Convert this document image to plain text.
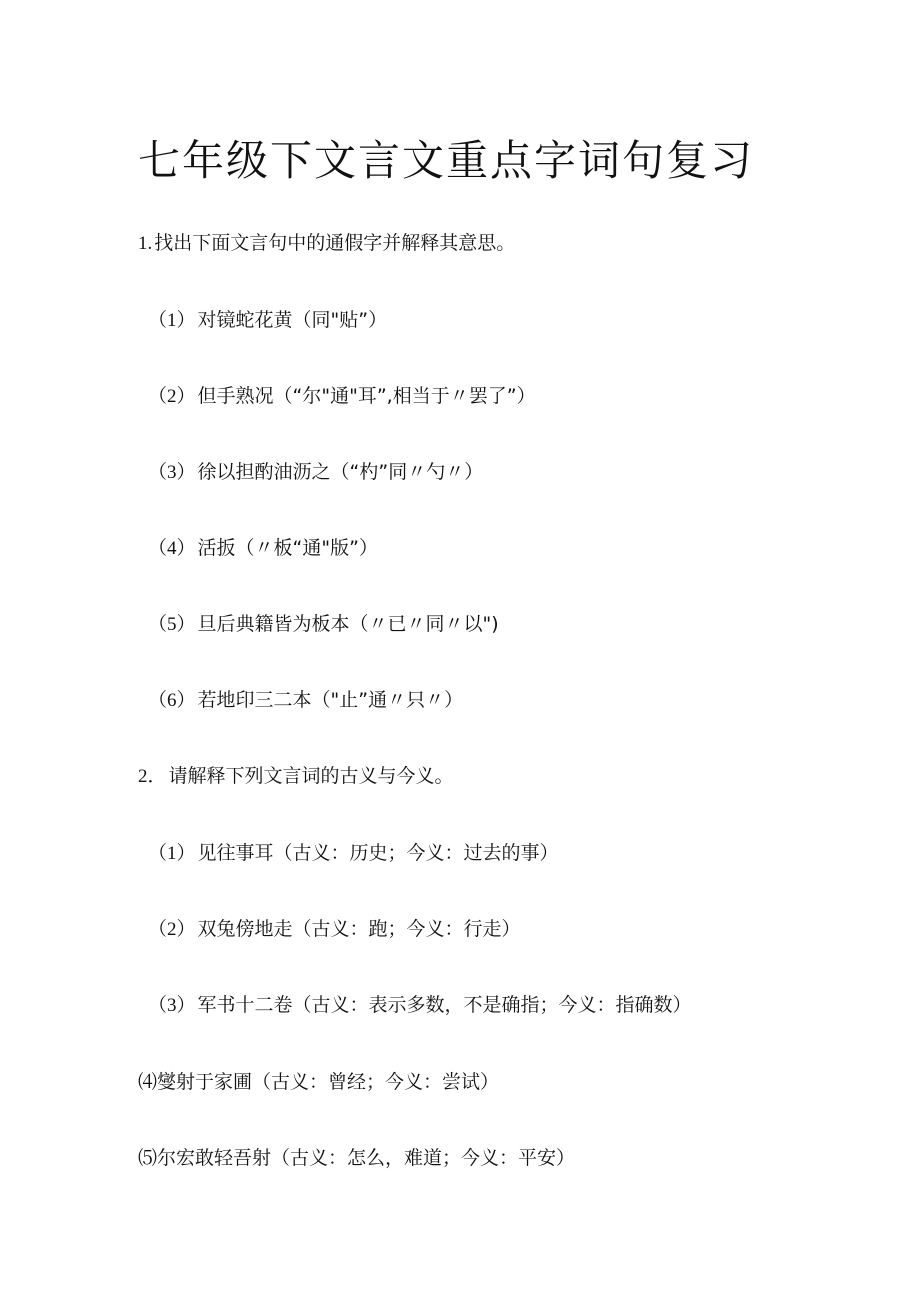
七年级下文言文重点字词句复习

1. 找出下面文言句中的通假字并解释其意思。

（1） 对镜蛇花黄（同"贴”）

（2） 但手熟况（“尔"通"耳”,相当于〃罢了”）

（3） 徐以担酌油沥之（“杓”同〃勺〃）

（4） 活扳（〃板“通"版”）

（5） 旦后典籍皆为板本（〃已〃同〃以")

（6） 若地印三二本（"止”通〃只〃）

2． 请解释下列文言词的古义与今义。

（1） 见往事耳（古义：历史；今义：过去的事）

（2） 双兔傍地走（古义：跑；今义：行走）

（3） 军书十二卷（古义：表示多数，不是确指；今义：指确数）

⑷燮射于家圃（古义：曾经；今义：尝试）

⑸尔宏敢轻吾射（古义：怎么，难道；今义：平安）
